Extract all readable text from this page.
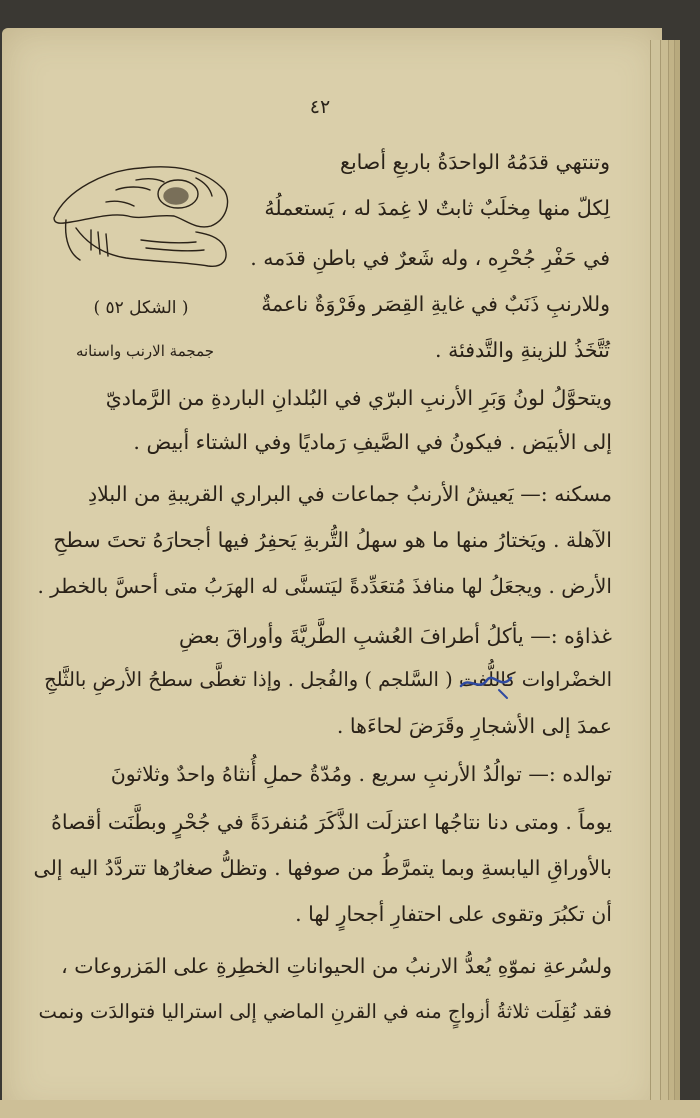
٤٢
( الشكل ٥٢ )
جمجمة الارنب واسنانه
وتنتهي قدَمُهُ الواحدَةُ باربعِ أصابع
لِكلّ منها مِخلَبٌ ثابتٌ لا غِمدَ له ، يَستعملُهُ
في حَفْرِ جُحْرِه ، وله شَعرٌ في باطنِ قدَمه .
وللارنبِ ذَنَبٌ في غايةِ القِصَر وفَرْوَةٌ ناعمةٌ
تُتَّخَذُ للزينةِ والتَّدفئة .
ويتحوَّلُ لونُ وَبَرِ الأرنبِ البرّي في البُلدانِ الباردةِ من الرَّماديّ
إلى الأبيَض . فيكونُ في الصَّيفِ رَماديًا وفي الشتاء أبيض .
مسكنه :— يَعيشُ الأرنبُ جماعات في البراري القريبةِ من البلادِ
الآهلة . ويَختارُ منها ما هو سهلُ التُّربةِ يَحفِرُ فيها أجحارَهُ تحتَ سطحِ
الأرض . ويجعَلُ لها منافذَ مُتعَدِّدةً ليَتسنَّى له الهرَبُ متى أحسَّ بالخطر .
غذاؤه :— يأكلُ أطرافَ العُشبِ الطَّريَّةَ وأوراقَ بعضِ
الخضْراوات كاللُّفت ( السَّلجم ) والفُجل . وإذا تغطَّى سطحُ الأرضِ بالثَّلجِ
عمدَ إلى الأشجارِ وقَرَضَ لحاءَها .
توالده :— توالُدُ الأرنبِ سريع . ومُدّةُ حملِ أُنثاهُ واحدٌ وثلاثونَ
يوماً . ومتى دنا نتاجُها اعتزلَت الذَّكَرَ مُنفردَةً في جُحْرٍ وبطَّنَت أقصاهُ
بالأوراقِ اليابسةِ وبما يتمرَّطُ من صوفها . وتظلُّ صغارُها تتردَّدُ اليه إلى
أن تكبُرَ وتقوى على احتفارِ أجحارٍ لها .
ولسُرعةِ نموّهِ يُعدُّ الارنبُ من الحيواناتِ الخطِرةِ على المَزروعات ،
فقد نُقِلَت ثلاثةُ أزواجٍ منه في القرنِ الماضي إلى استراليا فتوالدَت ونمت
